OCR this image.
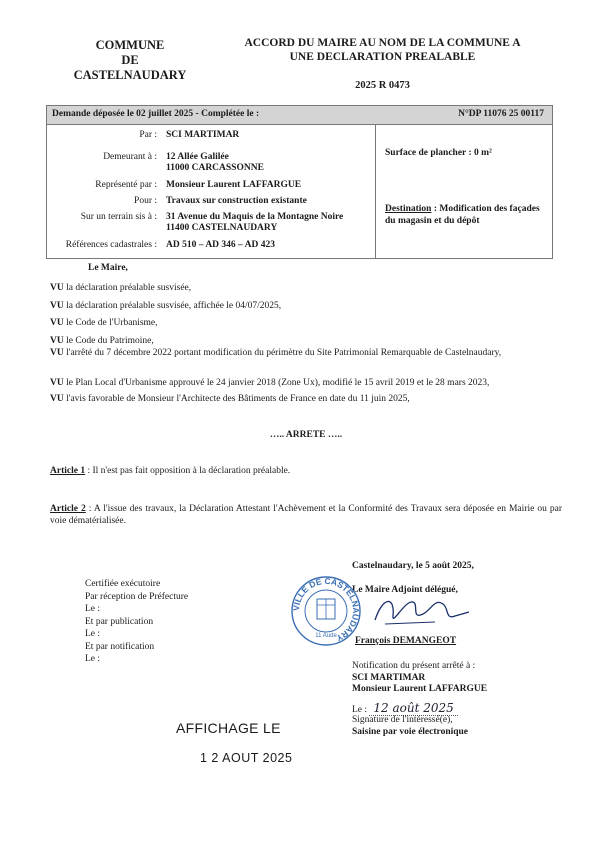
COMMUNE
DE
CASTELNAUDARY
ACCORD DU MAIRE AU NOM DE LA COMMUNE A
UNE DECLARATION PREALABLE
2025 R 0473
Demande déposée le 02 juillet 2025 - Complétée le :	N°DP 11076 25 00117
Par : SCI MARTIMAR
Demeurant à : 12 Allée Galilée
11000 CARCASSONNE
Représenté par : Monsieur Laurent LAFFARGUE
Pour : Travaux sur construction existante
Sur un terrain sis à : 31 Avenue du Maquis de la Montagne Noire
11400 CASTELNAUDARY
Références cadastrales : AD 510 – AD 346 – AD 423
Surface de plancher : 0 m²
Destination : Modification des façades du magasin et du dépôt
Le Maire,
VU la déclaration préalable susvisée,
VU la déclaration préalable susvisée, affichée le 04/07/2025,
VU le Code de l'Urbanisme,
VU le Code du Patrimoine,
VU l'arrêté du 7 décembre 2022 portant modification du périmètre du Site Patrimonial Remarquable de Castelnaudary,
VU le Plan Local d'Urbanisme approuvé le 24 janvier 2018 (Zone Ux), modifié le 15 avril 2019 et le 28 mars 2023,
VU l'avis favorable de Monsieur l'Architecte des Bâtiments de France en date du 11 juin 2025,
….. ARRETE …..
Article 1 : Il n'est pas fait opposition à la déclaration préalable.
Article 2 : A l'issue des travaux, la Déclaration Attestant l'Achèvement et la Conformité des Travaux sera déposée en Mairie ou par voie dématérialisée.
Castelnaudary, le 5 août 2025,
Le Maire Adjoint délégué,
VILLE DE CASTELNAUDARY
11 Aude François DEMANGEOT
Certifiée exécutoire
Par réception de Préfecture
Le :
Et par publication
Le :
Et par notification
Le :
Notification du présent arrêté à :
SCI MARTIMAR
Monsieur Laurent LAFFARGUE
Le : 12 août 2025
Signature de l'intéressé(e),
Saisine par voie électronique
AFFICHAGE LE
1 2 AOUT 2025
